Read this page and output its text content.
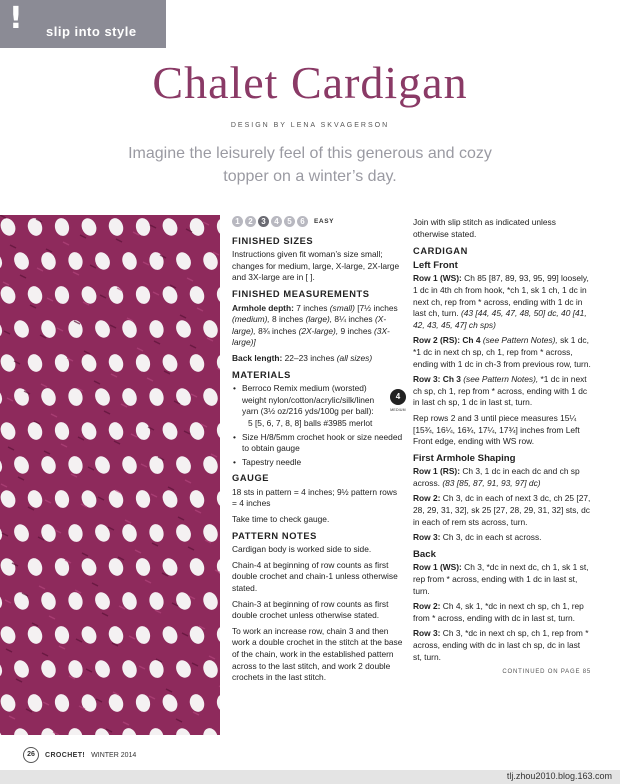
! slip into style
Chalet Cardigan
DESIGN BY LENA SKVAGERSON
Imagine the leisurely feel of this generous and cozy topper on a winter’s day.
1	2	3	4	5	6	EASY
FINISHED SIZES

Instructions given fit woman’s size small; changes for medium, large, X-large, 2X-large and 3X-large are in [ ].

FINISHED MEASUREMENTS

Armhole depth: 7 inches (small) [7½ inches (medium), 8 inches (large), 8¼ inches (X-large), 8¾ inches (2X-large), 9 inches (3X-large)]

Back length: 22–23 inches (all sizes)

MATERIALS
4
MEDIUM
• Berroco Remix medium (worsted) weight nylon/cotton/acrylic/silk/linen yarn (3½ oz/216 yds/100g per ball):
5 [5, 6, 7, 8, 8] balls #3985 merlot
• Size H/8/5mm crochet hook or size needed to obtain gauge
• Tapestry needle
GAUGE

18 sts in pattern = 4 inches; 9½ pattern rows = 4 inches

Take time to check gauge.

PATTERN NOTES

Cardigan body is worked side to side.

Chain-4 at beginning of row counts as first double crochet and chain-1 unless otherwise stated.

Chain-3 at beginning of row counts as first double crochet unless otherwise stated.

To work an increase row, chain 3 and then work a double crochet in the stitch at the base of the chain, work in the established pattern across to the last stitch, and work 2 double crochets in the last stitch.

Join with slip stitch as indicated unless otherwise stated.

CARDIGAN
Left Front

Row 1 (WS): Ch 85 [87, 89, 93, 95, 99] loosely, 1 dc in 4th ch from hook, *ch 1, sk 1 ch, 1 dc in next ch, rep from * across, ending with 1 dc in last ch, turn. (43 [44, 45, 47, 48, 50] dc, 40 [41, 42, 43, 45, 47] ch sps)

Row 2 (RS): Ch 4 (see Pattern Notes), sk 1 dc, *1 dc in next ch sp, ch 1, rep from * across, ending with 1 dc in ch-3 from previous row, turn.

Row 3: Ch 3 (see Pattern Notes), *1 dc in next ch sp, ch 1, rep from * across, ending with 1 dc in last ch sp, 1 dc in last st, turn.

Rep rows 2 and 3 until piece measures 15¼ [15¾, 16¼, 16¾, 17¼, 17¾] inches from Left Front edge, ending with WS row.

First Armhole Shaping

Row 1 (RS): Ch 3, 1 dc in each dc and ch sp across. (83 [85, 87, 91, 93, 97] dc)

Row 2: Ch 3, dc in each of next 3 dc, ch 25 [27, 28, 29, 31, 32], sk 25 [27, 28, 29, 31, 32] sts, dc in each of rem sts across, turn.

Row 3: Ch 3, dc in each st across.

Back

Row 1 (WS): Ch 3, *dc in next dc, ch 1, sk 1 st, rep from * across, ending with 1 dc in last st, turn.

Row 2: Ch 4, sk 1, *dc in next ch sp, ch 1, rep from * across, ending with dc in last st, turn.

Row 3: Ch 3, *dc in next ch sp, ch 1, rep from * across, ending with dc in last ch sp, dc in last st, turn.

CONTINUED ON PAGE 85
26	CROCHET! WINTER 2014
tlj.zhou2010.blog.163.com
